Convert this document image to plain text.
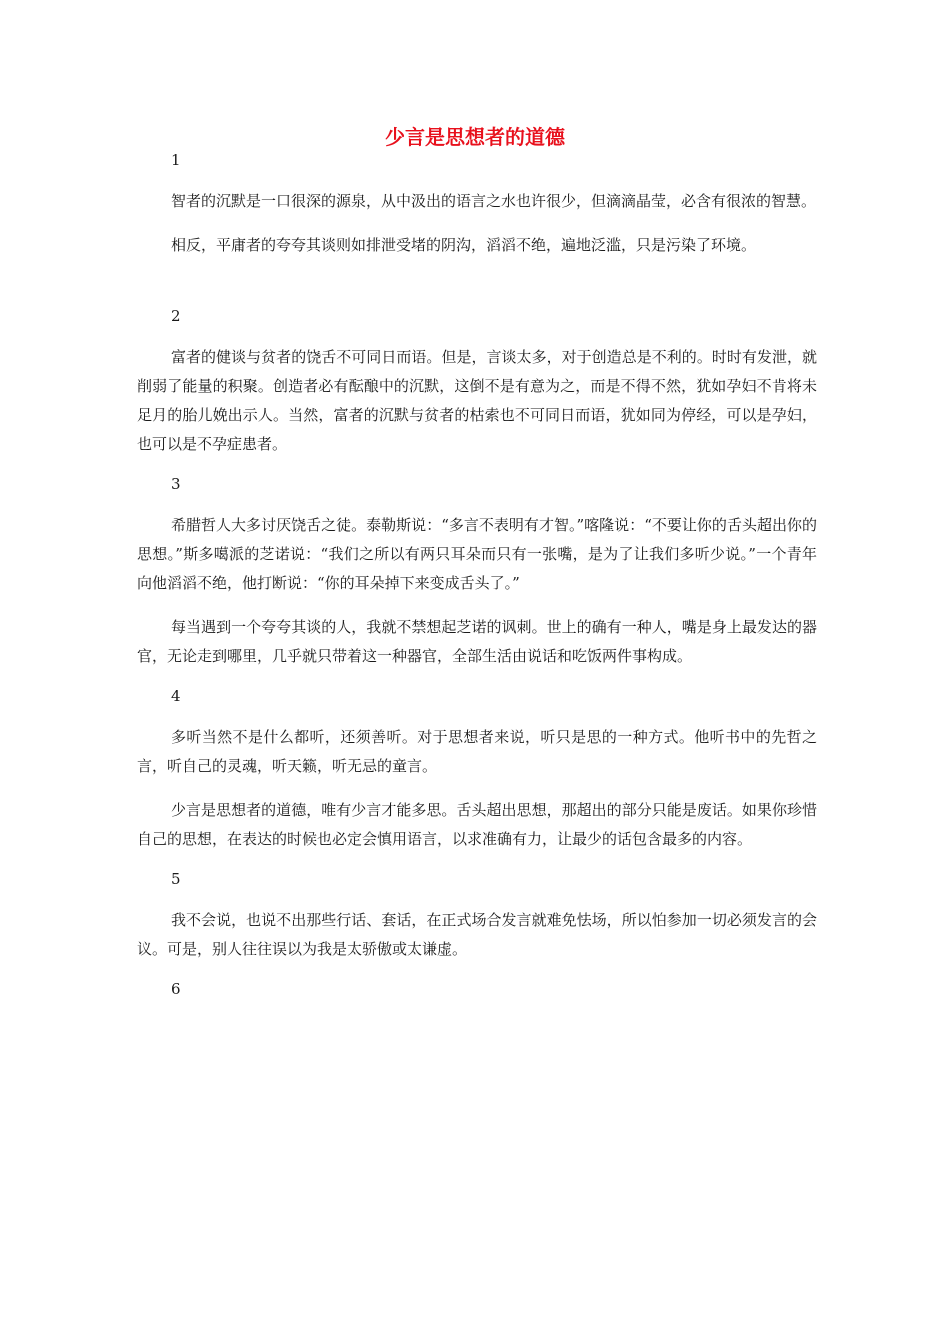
少言是思想者的道德

1

智者的沉默是一口很深的源泉，从中汲出的语言之水也许很少，但滴滴晶莹，必含有很浓的智慧。

相反，平庸者的夸夸其谈则如排泄受堵的阴沟，滔滔不绝，遍地泛滥，只是污染了环境。

2

富者的健谈与贫者的饶舌不可同日而语。但是，言谈太多，对于创造总是不利的。时时有发泄，就削弱了能量的积聚。创造者必有酝酿中的沉默，这倒不是有意为之，而是不得不然，犹如孕妇不肯将未足月的胎儿娩出示人。当然，富者的沉默与贫者的枯索也不可同日而语，犹如同为停经，可以是孕妇，也可以是不孕症患者。

3

希腊哲人大多讨厌饶舌之徒。泰勒斯说：“多言不表明有才智。”喀隆说：“不要让你的舌头超出你的思想。”斯多噶派的芝诺说：“我们之所以有两只耳朵而只有一张嘴，是为了让我们多听少说。”一个青年向他滔滔不绝，他打断说：“你的耳朵掉下来变成舌头了。”

每当遇到一个夸夸其谈的人，我就不禁想起芝诺的讽刺。世上的确有一种人，嘴是身上最发达的器官，无论走到哪里，几乎就只带着这一种器官，全部生活由说话和吃饭两件事构成。

4

多听当然不是什么都听，还须善听。对于思想者来说，听只是思的一种方式。他听书中的先哲之言，听自己的灵魂，听天籁，听无忌的童言。

少言是思想者的道德，唯有少言才能多思。舌头超出思想，那超出的部分只能是废话。如果你珍惜自己的思想，在表达的时候也必定会慎用语言，以求准确有力，让最少的话包含最多的内容。

5

我不会说，也说不出那些行话、套话，在正式场合发言就难免怯场，所以怕参加一切必须发言的会议。可是，别人往往误以为我是太骄傲或太谦虚。

6
